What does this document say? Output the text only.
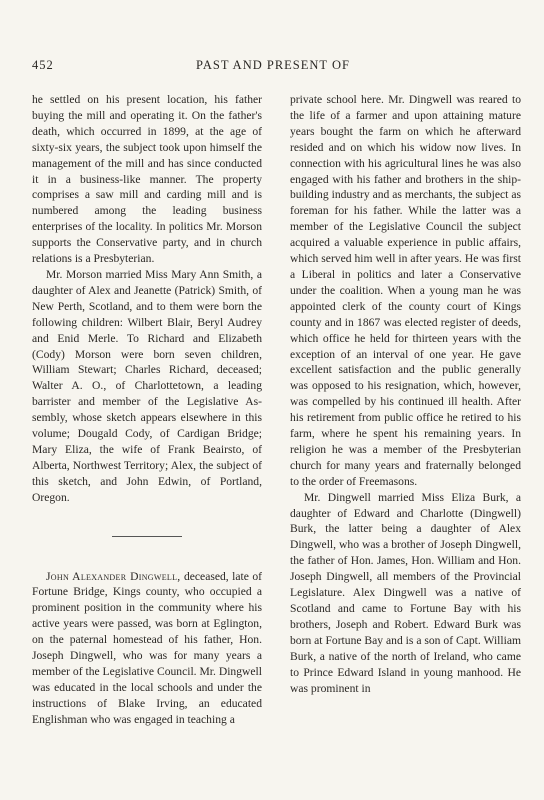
452	PAST AND PRESENT OF

he settled on his present location, his father buying the mill and operating it. On the father's death, which occurred in 1899, at the age of sixty-six years, the subject took upon himself the management of the mill and has since conducted it in a business-like manner. The property comprises a saw mill and carding mill and is numbered among the leading business enterprises of the locality. In politics Mr. Morson supports the Conservative party, and in church relations is a Presbyterian.

Mr. Morson married Miss Mary Ann Smith, a daughter of Alex and Jeanette (Patrick) Smith, of New Perth, Scotland, and to them were born the following children: Wilbert Blair, Beryl Audrey and Enid Merle. To Richard and Elizabeth (Cody) Morson were born seven children, William Stewart; Charles Richard, deceased; Walter A. O., of Charlottetown, a leading barrister and member of the Legislative Assembly, whose sketch appears elsewhere in this volume; Dougald Cody, of Cardigan Bridge; Mary Eliza, the wife of Frank Beairsto, of Alberta, Northwest Territory; Alex, the subject of this sketch, and John Edwin, of Portland, Oregon.

John Alexander Dingwell, deceased, late of Fortune Bridge, Kings county, who occupied a prominent position in the community where his active years were passed, was born at Eglington, on the paternal homestead of his father, Hon. Joseph Dingwell, who was for many years a member of the Legislative Council. Mr. Dingwell was educated in the local schools and under the instructions of Blake Irving, an educated Englishman who was engaged in teaching a

private school here. Mr. Dingwell was reared to the life of a farmer and upon attaining mature years bought the farm on which he afterward resided and on which his widow now lives. In connection with his agricultural lines he was also engaged with his father and brothers in the ship-building industry and as merchants, the subject as foreman for his father. While the latter was a member of the Legislative Council the subject acquired a valuable experience in public affairs, which served him well in after years. He was first a Liberal in politics and later a Conservative under the coalition. When a young man he was appointed clerk of the county court of Kings county and in 1867 was elected register of deeds, which office he held for thirteen years with the exception of an interval of one year. He gave excellent satisfaction and the public generally was opposed to his resignation, which, however, was compelled by his continued ill health. After his retirement from public office he retired to his farm, where he spent his remaining years. In religion he was a member of the Presbyterian church for many years and fraternally belonged to the order of Freemasons.

Mr. Dingwell married Miss Eliza Burk, a daughter of Edward and Charlotte (Dingwell) Burk, the latter being a daughter of Alex Dingwell, who was a brother of Joseph Dingwell, the father of Hon. James, Hon. William and Hon. Joseph Dingwell, all members of the Provincial Legislature. Alex Dingwell was a native of Scotland and came to Fortune Bay with his brothers, Joseph and Robert. Edward Burk was born at Fortune Bay and is a son of Capt. William Burk, a native of the north of Ireland, who came to Prince Edward Island in young manhood. He was prominent in
